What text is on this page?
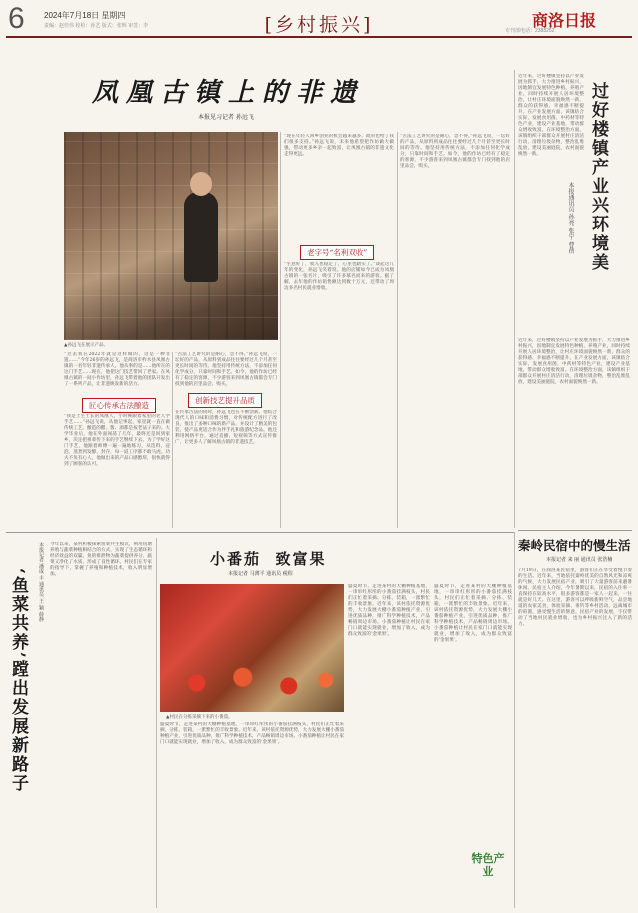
6 2024年7月18日 星期四
责编：赵佳伟 校检：孙艺 版式：张辉 审签：李	[乡村振兴]	商洛日报
专刊部电话：2388252
凤凰古镇上的非遗
本报见习记者 孙远飞
▲孙远飞在展示产品。
“过去我在2022年就是这样做的，这是一种非遗……”今年26岁的孙远飞，是商洛市柞水县凤凰古镇的一名年轻非遗传承人。他从事的是……他所在的这门手艺……现在，他把这门技艺带回了老家。在凤凰古镇的一间小作坊里，孙远飞带着他的团队开发出了一系列产品，让非遗焕发新的活力。
匠心传承古法酿造
“我是土生土长的凤凰人，小时候跟着家里的老人学手艺……”孙远飞说，从他记事起，家里就一直在做传统工艺，酿造的醋、酱、酒都是按老法子来的。大学毕业后，他在外面闯荡了几年，最终还是回到家乡，决定把祖辈传下来的手艺继续下去。为了学好这门手艺，他跟着师傅一遍一遍地练习，从选料、浸泡、蒸煮到发酵、封存，每一道工序都不敢马虎。功夫不负有心人，他做出来的产品口感醇厚，很快就得到了顾客的认可。
“古法工艺讲究的是耐心，急不得。”孙远飞说，一坛好的产品，从原料到成品往往要经过几个月甚至更长时间的等待。他坚持用传统方法，不添加任何化学成分，只靠时间和手艺。如今，他的作坊已经有了稳定的客源，不少游客来到凤凰古镇都会专门找到他的店里品尝、购买。
创新技艺提升品质
在传承古法的同时，孙远飞也在不断创新。他结合现代人的口味和消费习惯，对传统配方进行了改良，推出了多种口味的新产品，并设计了精美的包装，使产品更适合作为伴手礼和旅游纪念品。他还利用网络平台，通过直播、短视频等方式宣传推广，让更多人了解凤凰古镇的非遗技艺。
“现在年轻人回乡创业的机会越来越多，政府也给了我们很多支持。”孙远飞说，未来他希望把作坊做大做强，带动更多乡亲一起致富，让凤凰古镇的非遗文化走得更远。
老字号“名利双收”
“生意好了，收入也稳定了，心里也踏实了。”谈起这几年的变化，孙远飞笑着说。他的店铺如今已成为凤凰古镇的一张名片，吸引了许多慕名而来的游客。据了解，去年他的作坊销售额达到数十万元，还带动了周边多名村民就业增收。
“古法工艺讲究的是耐心，急不得。”孙远飞说，一坛好的产品，从原料到成品往往要经过几个月甚至更长时间的等待。他坚持用传统方法，不添加任何化学成分，只靠时间和手艺。如今，他的作坊已经有了稳定的客源，不少游客来到凤凰古镇都会专门找到他的店里品尝、购买。
近年来，过好楼镇坚持以产业发展为抓手，大力推进乡村振兴，因地制宜发展特色种植、养殖产业，同时持续开展人居环境整治，让村庄环境面貌焕然一新，群众的获得感、幸福感不断提升。在产业发展方面，该镇结合实际，发展食用菌、中药材等特色产业，建设产业基地，带动群众增收致富。在环境整治方面，该镇组织干部群众开展村庄清洁行动，清理垃圾杂物，整治乱堆乱放，建设美丽庭院，农村面貌焕然一新。	过好楼镇产业兴环境美
本报通讯员 孙亮 张宁 曹蓓
近年来，过好楼镇坚持以产业发展为抓手，大力推进乡村振兴，因地制宜发展特色种植、养殖产业，同时持续开展人居环境整治，让村庄环境面貌焕然一新，群众的获得感、幸福感不断提升。在产业发展方面，该镇结合实际，发展食用菌、中药材等特色产业，建设产业基地，带动群众增收致富。在环境整治方面，该镇组织干部群众开展村庄清洁行动，清理垃圾杂物，整治乱堆乱放，建设美丽庭院，农村面貌焕然一新。
秦岭民宿中的慢生活
本报记者 来 丽 通讯员 张浩楠
7月19日，在商洛某民宿里，游客们正在享受着慢节奏的生活。近年来，当地依托秦岭优美的自然风光和凉爽的气候，大力发展民宿产业，吸引了大量游客前来避暑休闲。民宿主人介绍，今年暑期以来，民宿的入住率一直保持在较高水平，很多游客都是一家人一起来，一住就是好几天。在这里，游客可以呼吸新鲜空气，品尝地道的农家美食，体验采摘、垂钓等乡村活动，远离城市的喧嚣，感受慢生活的惬意。民宿产业的发展，不仅带动了当地村民就业增收，也为乡村振兴注入了新的活力。
‘鱼菜共养’蹚出发展新路子	本报记者 潘成 丰 通讯员 王 颖 薛静 今年以来，某村积极探索鱼菜共生模式，利用鱼塘养殖与蔬菜种植相结合的方式，实现了生态循环和经济效益的双赢。鱼的排泄物为蔬菜提供养分，蔬菜又净化了水质，形成了良性循环。村民们在专家的指导下，掌握了养殖和种植技术，收入明显增加。
小番茄  致富果
本报记者 马薄平 通讯员 税程
▲村民在分拣采摘下来的小番茄。
盛夏时节，走进某村的大棚种植基地，一串串红彤彤的小番茄挂满枝头，村民们正忙着采摘、分拣、装箱，一派繁忙的丰收景象。近年来，该村依托资源优势，大力发展大棚小番茄种植产业，引进优质品种，推广科学种植技术，产品畅销周边市场。小番茄种植让村民在家门口就能实现就业，增加了收入，成为群众致富的‘金果果’。
盛夏时节，走进某村的大棚种植基地，一串串红彤彤的小番茄挂满枝头，村民们正忙着采摘、分拣、装箱，一派繁忙的丰收景象。近年来，该村依托资源优势，大力发展大棚小番茄种植产业，引进优质品种，推广科学种植技术，产品畅销周边市场。小番茄种植让村民在家门口就能实现就业，增加了收入，成为群众致富的‘金果果’。
盛夏时节，走进某村的大棚种植基地，一串串红彤彤的小番茄挂满枝头，村民们正忙着采摘、分拣、装箱，一派繁忙的丰收景象。近年来，该村依托资源优势，大力发展大棚小番茄种植产业，引进优质品种，推广科学种植技术，产品畅销周边市场。小番茄种植让村民在家门口就能实现就业，增加了收入，成为群众致富的‘金果果’。
特色产业
